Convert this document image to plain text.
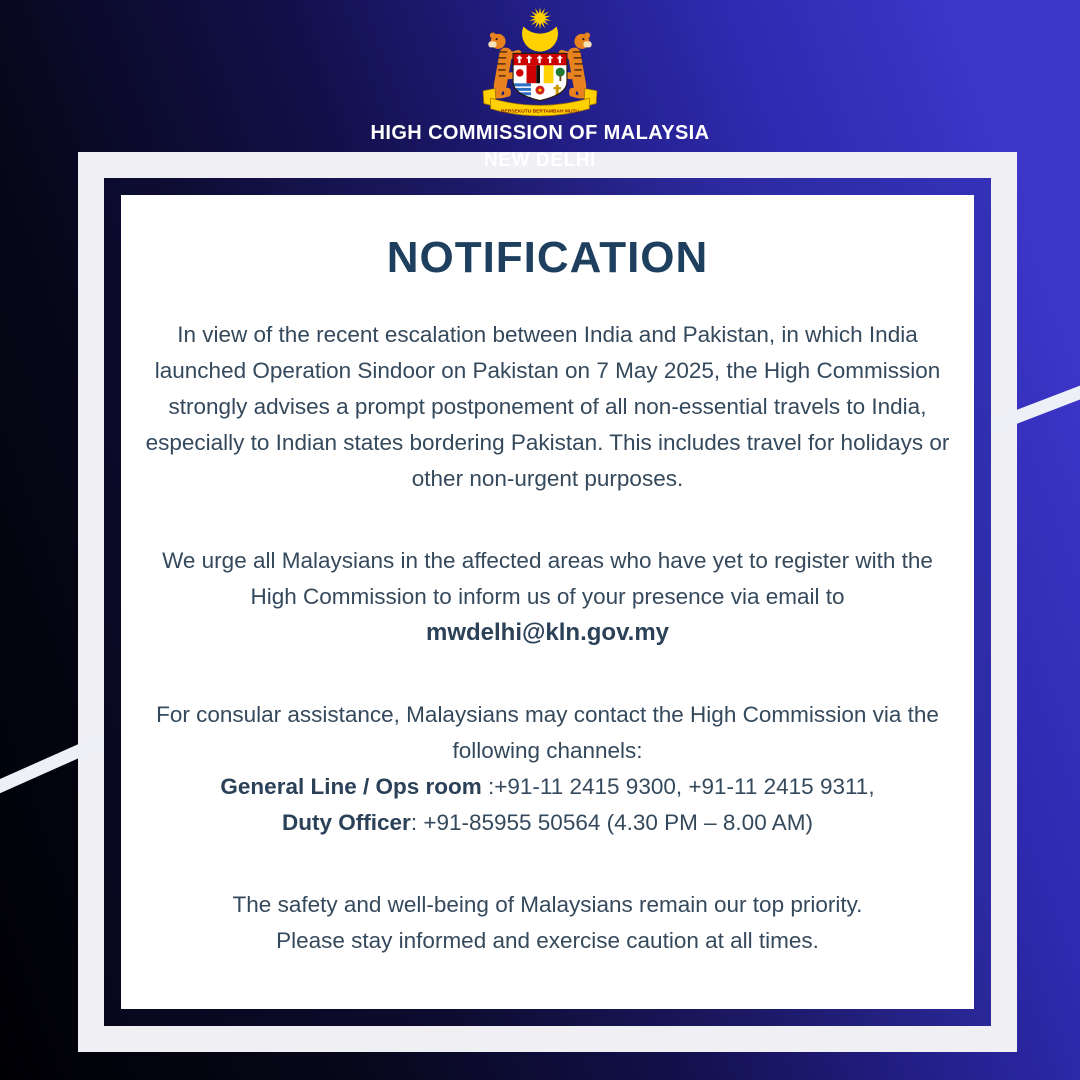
NOTIFICATION

In view of the recent escalation between India and Pakistan, in which India launched Operation Sindoor on Pakistan on 7 May 2025, the High Commission strongly advises a prompt postponement of all non-essential travels to India, especially to Indian states bordering Pakistan. This includes travel for holidays or other non-urgent purposes.

We urge all Malaysians in the affected areas who have yet to register with the High Commission to inform us of your presence via email to
mwdelhi@kln.gov.my

For consular assistance, Malaysians may contact the High Commission via the following channels:
General Line / Ops room :+91-11 2415 9300, +91-11 2415 9311,
Duty Officer: +91-85955 50564 (4.30 PM – 8.00 AM)

The safety and well-being of Malaysians remain our top priority.
Please stay informed and exercise caution at all times.

BERSEKUTU BERTAMBAH MUTU
HIGH COMMISSION OF MALAYSIA
NEW DELHI
